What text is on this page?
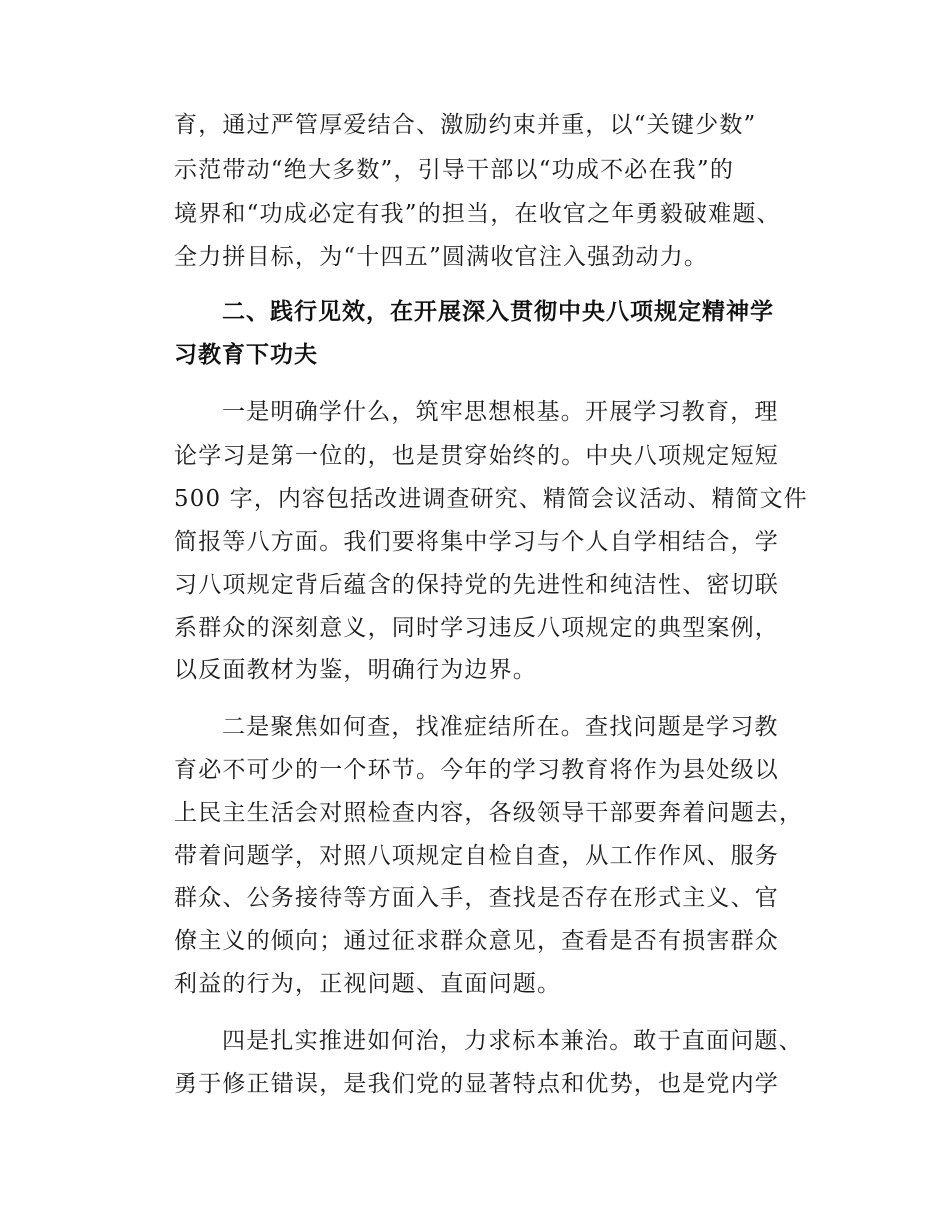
育，通过严管厚爱结合、激励约束并重，以“关键少数”
示范带动“绝大多数”，引导干部以“功成不必在我”的
境界和“功成必定有我”的担当，在收官之年勇毅破难题、
全力拼目标，为“十四五”圆满收官注入强劲动力。
二、践行见效，在开展深入贯彻中央八项规定精神学
习教育下功夫
一是明确学什么，筑牢思想根基。开展学习教育，理
论学习是第一位的，也是贯穿始终的。中央八项规定短短
500 字，内容包括改进调查研究、精简会议活动、精简文件
简报等八方面。我们要将集中学习与个人自学相结合，学
习八项规定背后蕴含的保持党的先进性和纯洁性、密切联
系群众的深刻意义，同时学习违反八项规定的典型案例，
以反面教材为鉴，明确行为边界。
二是聚焦如何查，找准症结所在。查找问题是学习教
育必不可少的一个环节。今年的学习教育将作为县处级以
上民主生活会对照检查内容，各级领导干部要奔着问题去，
带着问题学，对照八项规定自检自查，从工作作风、服务
群众、公务接待等方面入手，查找是否存在形式主义、官
僚主义的倾向；通过征求群众意见，查看是否有损害群众
利益的行为，正视问题、直面问题。
四是扎实推进如何治，力求标本兼治。敢于直面问题、
勇于修正错误，是我们党的显著特点和优势，也是党内学
